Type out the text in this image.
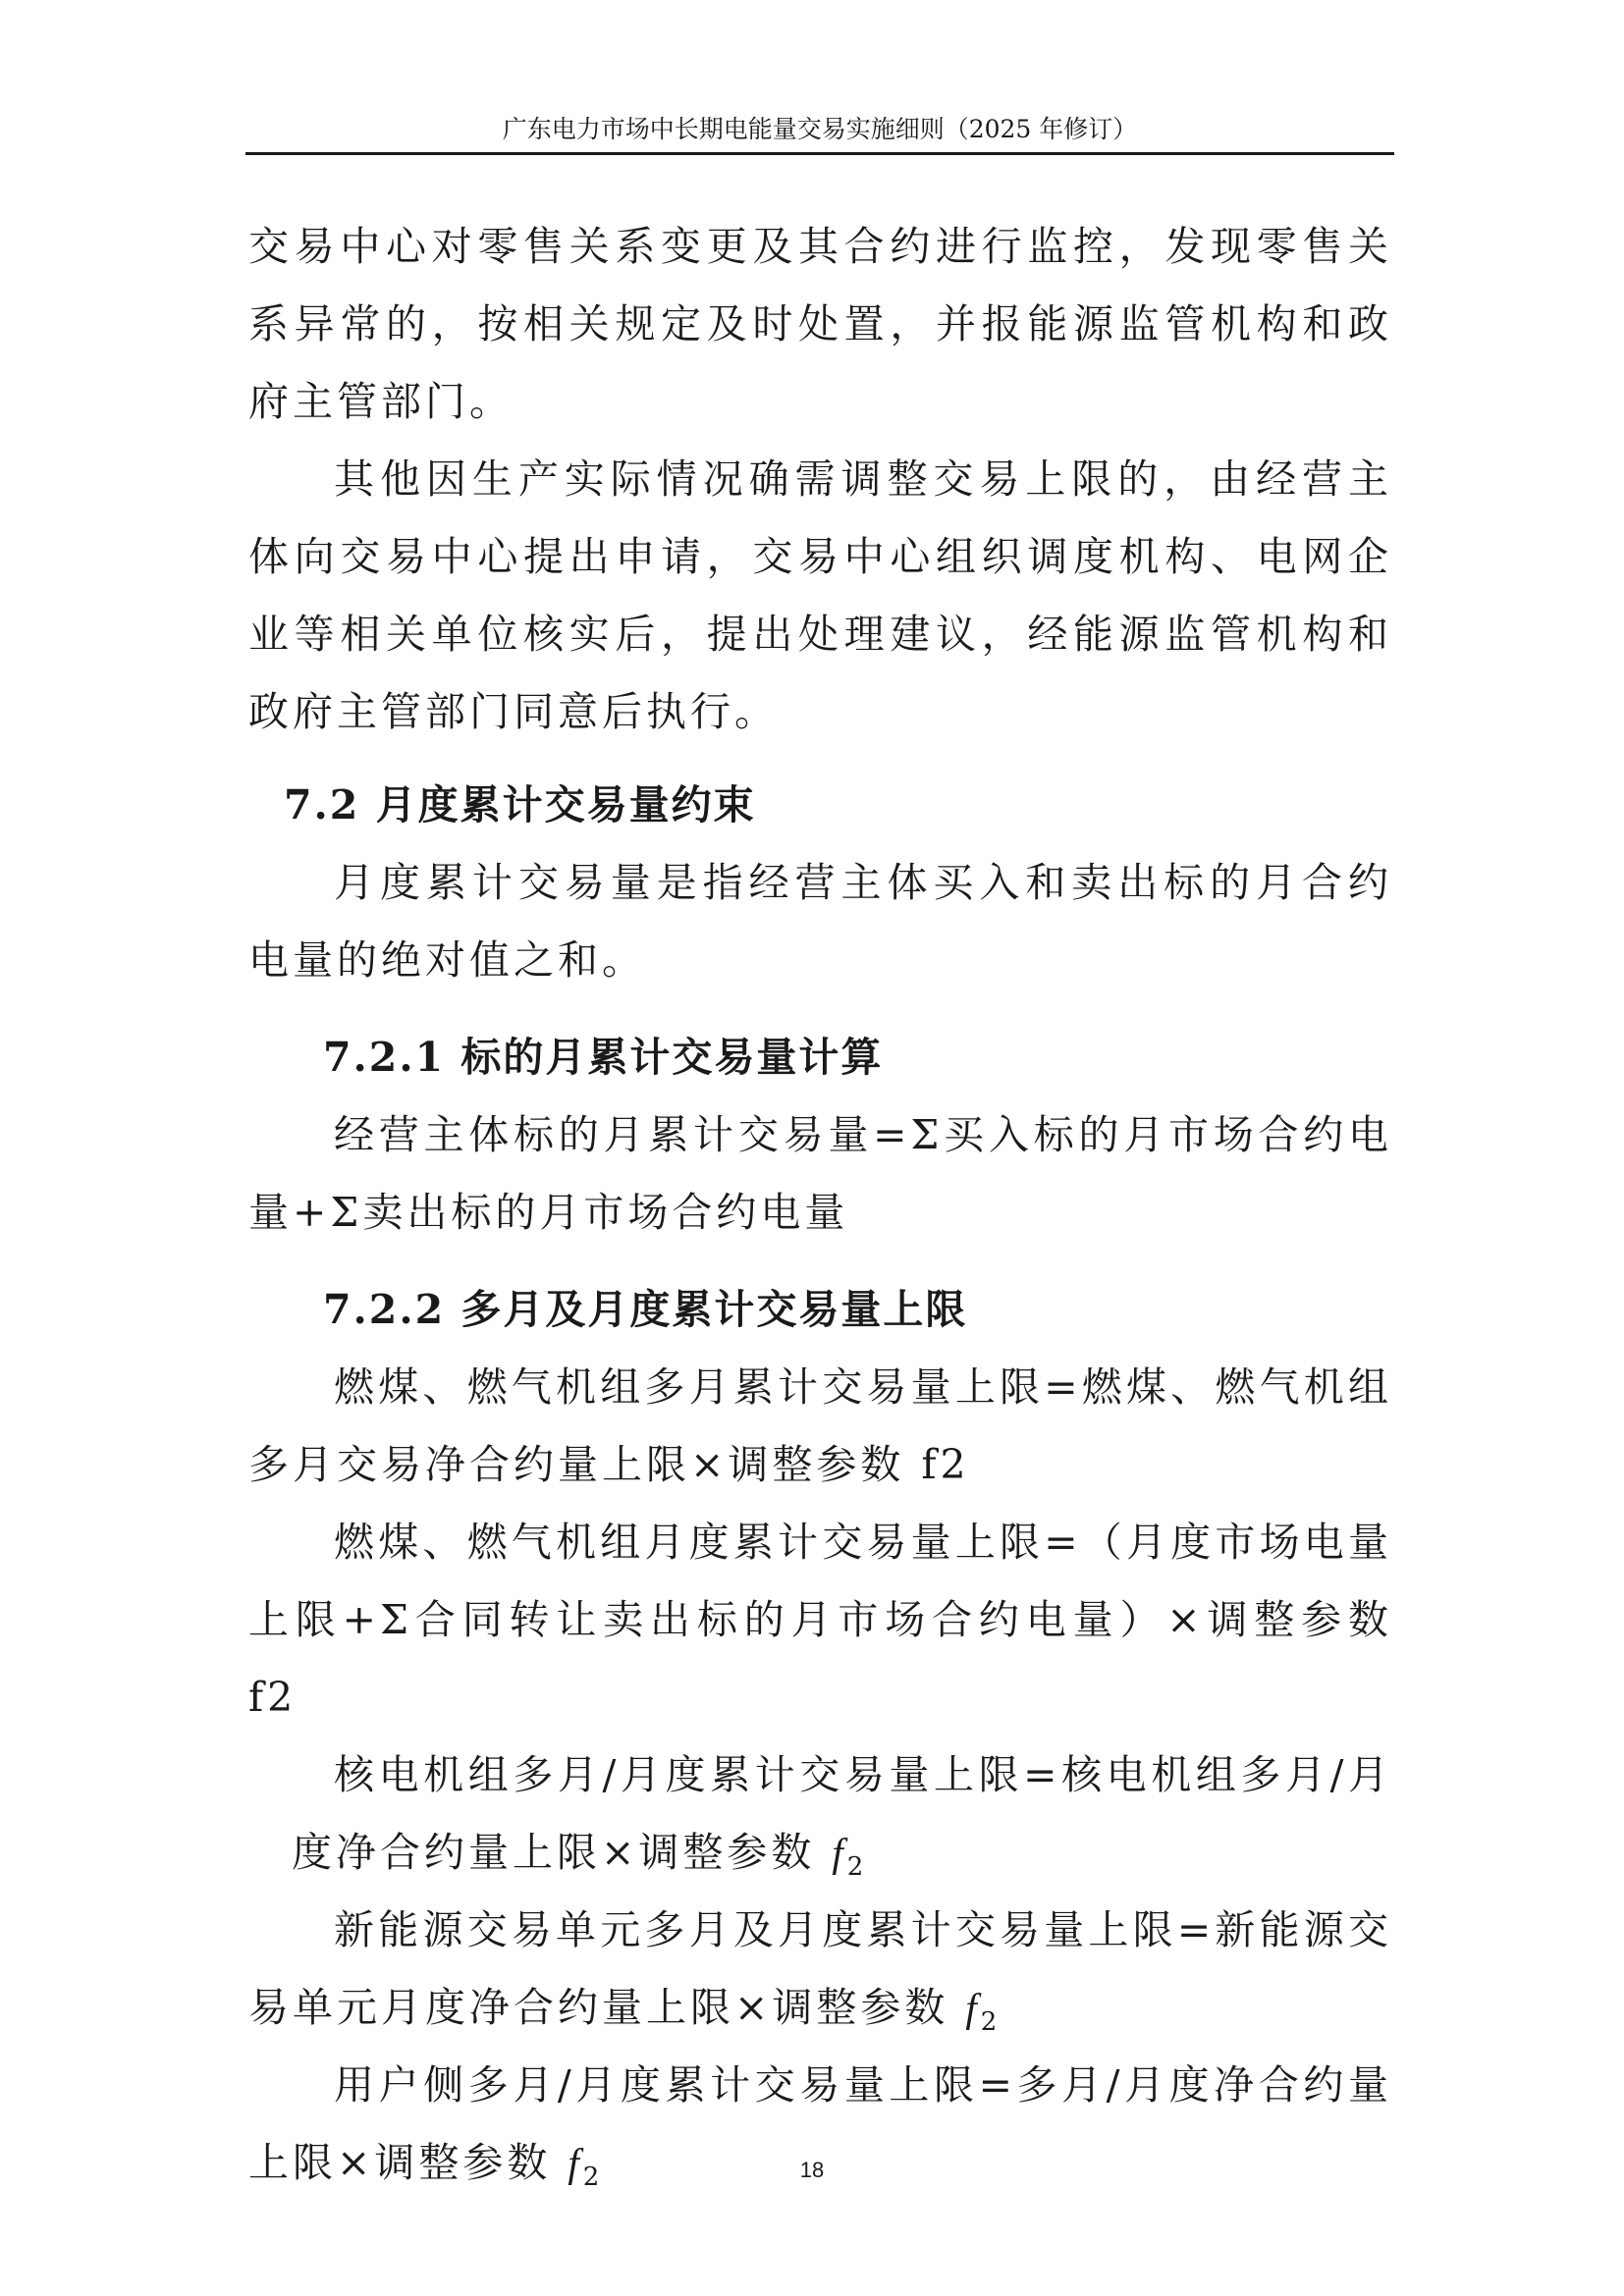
广东电力市场中长期电能量交易实施细则（2025 年修订）

交易中心对零售关系变更及其合约进行监控，发现零售关系异常的，按相关规定及时处置，并报能源监管机构和政府主管部门。

其他因生产实际情况确需调整交易上限的，由经营主体向交易中心提出申请，交易中心组织调度机构、电网企业等相关单位核实后，提出处理建议，经能源监管机构和政府主管部门同意后执行。

7.2 月度累计交易量约束

月度累计交易量是指经营主体买入和卖出标的月合约电量的绝对值之和。

7.2.1 标的月累计交易量计算

经营主体标的月累计交易量=Σ买入标的月市场合约电量+Σ卖出标的月市场合约电量

7.2.2 多月及月度累计交易量上限

燃煤、燃气机组多月累计交易量上限=燃煤、燃气机组多月交易净合约量上限×调整参数 f2

燃煤、燃气机组月度累计交易量上限=（月度市场电量上限+Σ合同转让卖出标的月市场合约电量）×调整参数 f2

核电机组多月/月度累计交易量上限=核电机组多月/月度净合约量上限×调整参数 $f_2$

新能源交易单元多月及月度累计交易量上限=新能源交易单元月度净合约量上限×调整参数 $f_2$

用户侧多月/月度累计交易量上限=多月/月度净合约量上限×调整参数 $f_2$	18
